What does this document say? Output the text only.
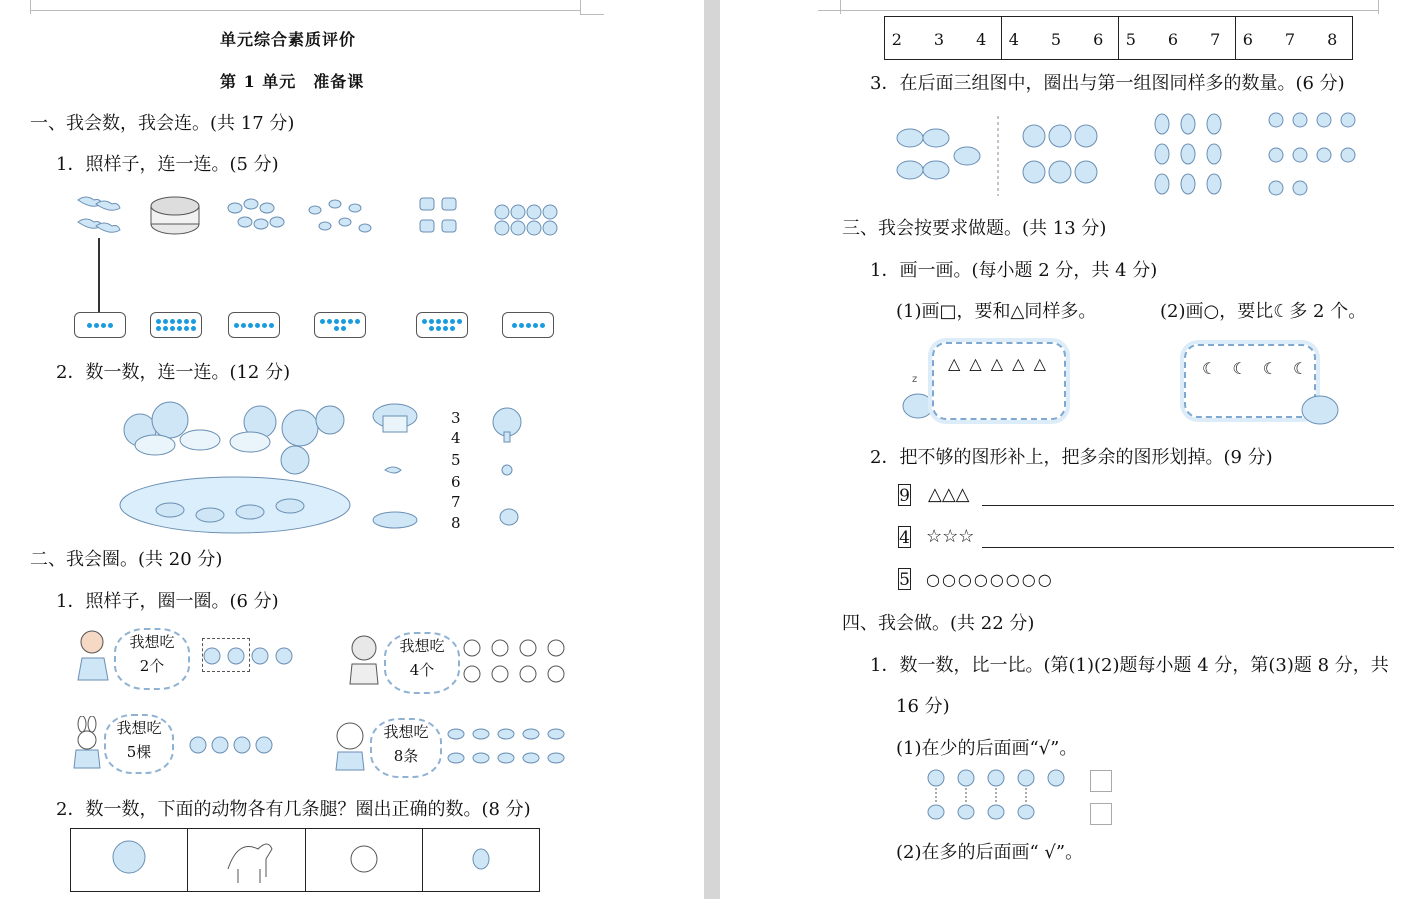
单元综合素质评价
第 1 单元　准备课
一、我会数，我会连。(共 17 分)
1．照样子，连一连。(5 分)
2．数一数，连一连。(12 分)
3
4
5
6
7
8
二、我会圈。(共 20 分)
1．照样子，圈一圈。(6 分)
我想吃
2个
我想吃
4个
我想吃
5棵
我想吃
8条
2．数一数，下面的动物各有几条腿？圈出正确的数。(8 分)

2　3　4	4　5　6	5　6　7	6　7　8
3．在后面三组图中，圈出与第一组图同样多的数量。(6 分)
三、我会按要求做题。(共 13 分)
1．画一画。(每小题 2 分，共 4 分)
(1)画□，要和△同样多。	(2)画○，要比☾多 2 个。
z
△ △ △ △ △	☾　☾　☾　☾
2．把不够的图形补上，把多余的图形划掉。(9 分)
9 △△△
4 ☆☆☆
5 ○○○○○○○○
四、我会做。(共 22 分)
1．数一数，比一比。(第(1)(2)题每小题 4 分，第(3)题 8 分，共
16 分)
(1)在少的后面画“√”。
(2)在多的后面画“ √”。
